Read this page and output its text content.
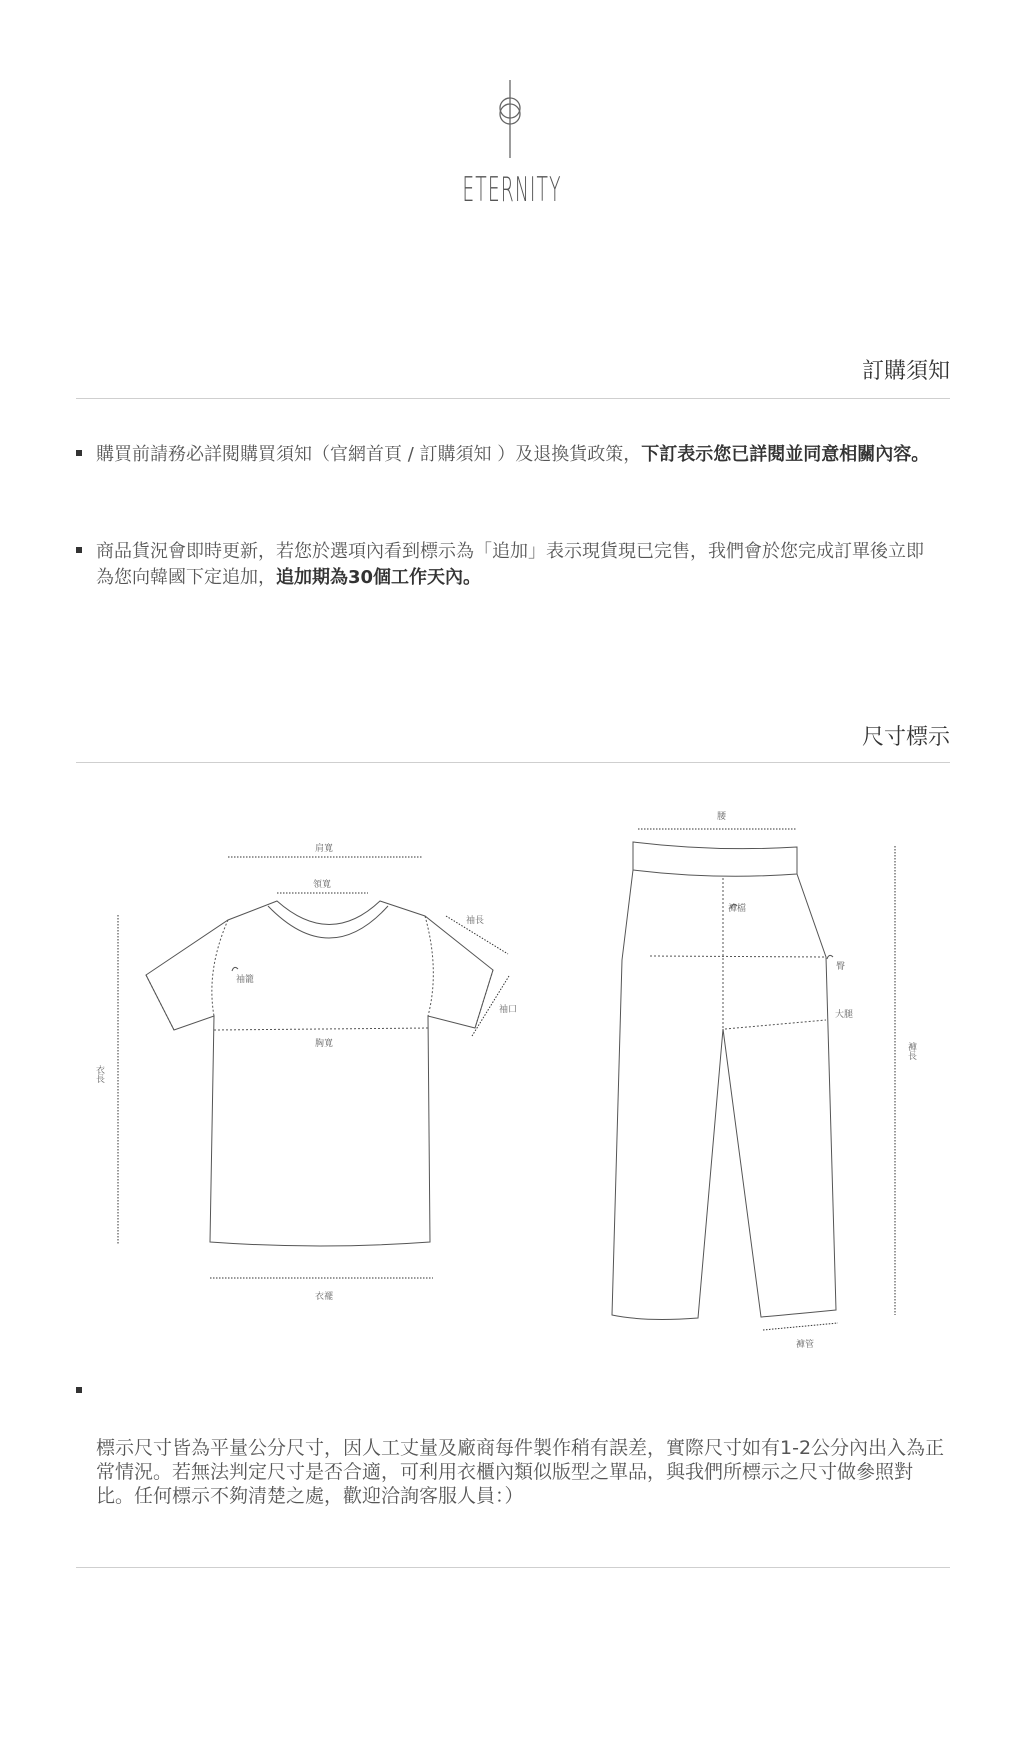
ETERNITY
訂購須知
購買前請務必詳閱購買須知（官網首頁 / 訂購須知 ）及退換貨政策，下訂表示您已詳閱並同意相關內容。
商品貨況會即時更新，若您於選項內看到標示為「追加」表示現貨現已完售，我們會於您完成訂單後立即為您向韓國下定追加，追加期為30個工作天內。
尺寸標示
肩寬
領寬
袖長
袖籠
袖口
胸寬
衣長
衣襬
腰
褲檔
臀
大腿
褲長
褲管
標示尺寸皆為平量公分尺寸，因人工丈量及廠商每件製作稍有誤差，實際尺寸如有1-2公分內出入為正常情況。若無法判定尺寸是否合適，可利用衣櫃內類似版型之單品，與我們所標示之尺寸做參照對比。任何標示不夠清楚之處，歡迎洽詢客服人員：）
